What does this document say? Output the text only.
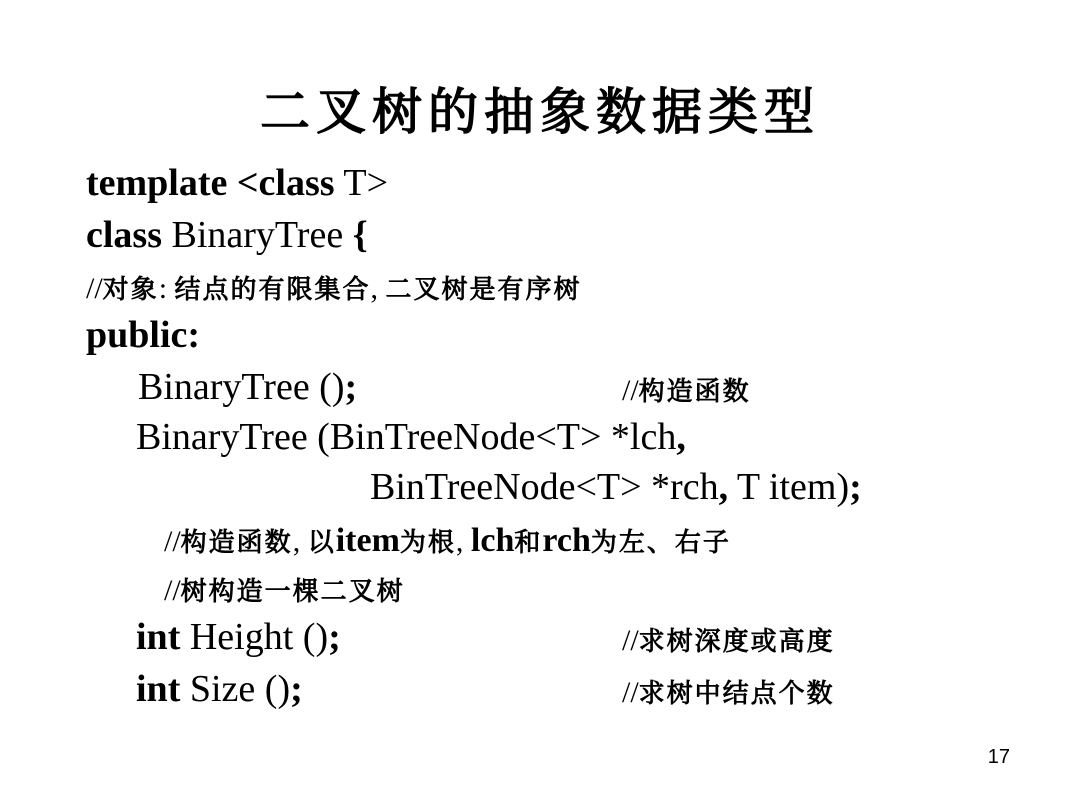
二叉树的抽象数据类型
template <class T>
class BinaryTree {
//对象: 结点的有限集合, 二叉树是有序树
public:
BinaryTree ();	//构造函数
BinaryTree (BinTreeNode<T> *lch,
BinTreeNode<T> *rch, T item);
//构造函数, 以item为根, lch和rch为左、右子
//树构造一棵二叉树
int Height ();	//求树深度或高度
int Size ();	//求树中结点个数
17
